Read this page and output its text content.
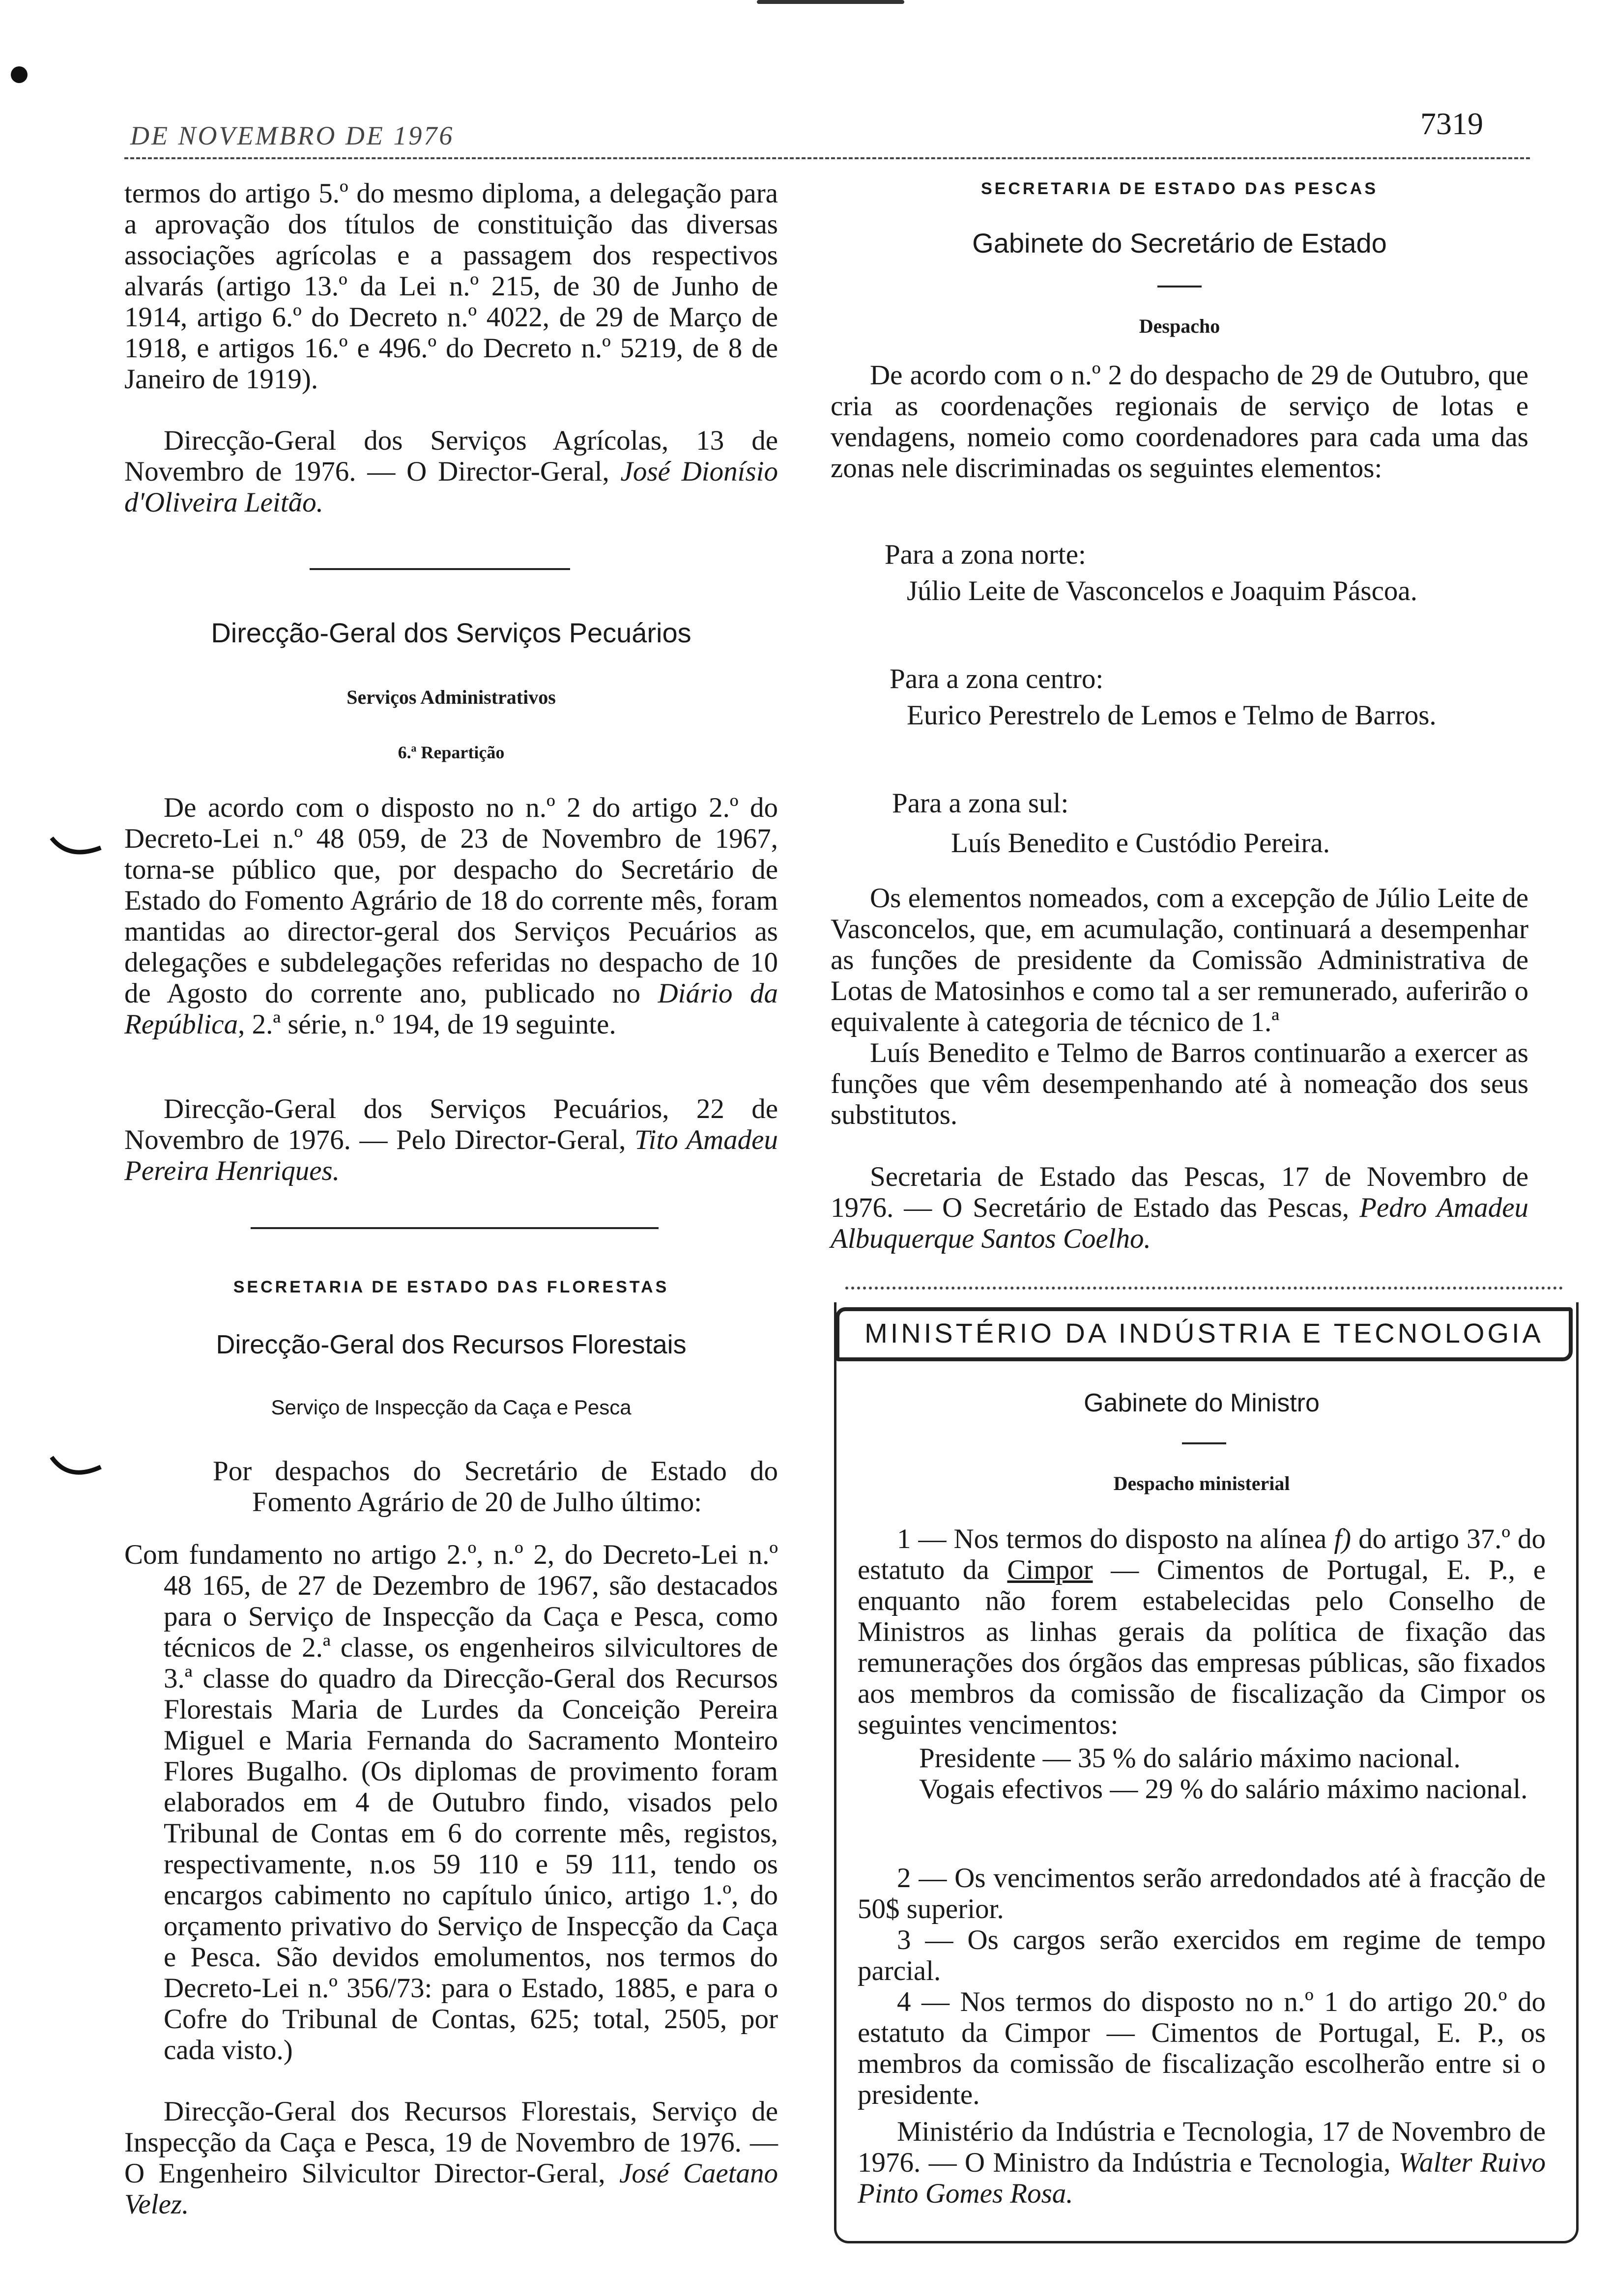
DE NOVEMBRO DE 1976	7319
termos do artigo 5.º do mesmo diploma, a delegação para a aprovação dos títulos de constituição das diversas associações agrícolas e a passagem dos respectivos alvarás (artigo 13.º da Lei n.º 215, de 30 de Junho de 1914, artigo 6.º do Decreto n.º 4022, de 29 de Março de 1918, e artigos 16.º e 496.º do Decreto n.º 5219, de 8 de Janeiro de 1919).
Direcção-Geral dos Serviços Agrícolas, 13 de Novembro de 1976. — O Director-Geral, José Dionísio d'Oliveira Leitão.
Direcção-Geral dos Serviços Pecuários
Serviços Administrativos
6.ª Repartição
De acordo com o disposto no n.º 2 do artigo 2.º do Decreto-Lei n.º 48 059, de 23 de Novembro de 1967, torna-se público que, por despacho do Secretário de Estado do Fomento Agrário de 18 do corrente mês, foram mantidas ao director-geral dos Serviços Pecuários as delegações e subdelegações referidas no despacho de 10 de Agosto do corrente ano, publicado no Diário da República, 2.ª série, n.º 194, de 19 seguinte.
Direcção-Geral dos Serviços Pecuários, 22 de Novembro de 1976. — Pelo Director-Geral, Tito Amadeu Pereira Henriques.
SECRETARIA DE ESTADO DAS FLORESTAS
Direcção-Geral dos Recursos Florestais
Serviço de Inspecção da Caça e Pesca
Por despachos do Secretário de Estado do Fomento Agrário de 20 de Julho último:
Com fundamento no artigo 2.º, n.º 2, do Decreto-Lei n.º 48 165, de 27 de Dezembro de 1967, são destacados para o Serviço de Inspecção da Caça e Pesca, como técnicos de 2.ª classe, os engenheiros silvicultores de 3.ª classe do quadro da Direcção-Geral dos Recursos Florestais Maria de Lurdes da Conceição Pereira Miguel e Maria Fernanda do Sacramento Monteiro Flores Bugalho. (Os diplomas de provimento foram elaborados em 4 de Outubro findo, visados pelo Tribunal de Contas em 6 do corrente mês, registos, respectivamente, n.os 59 110 e 59 111, tendo os encargos cabimento no capítulo único, artigo 1.º, do orçamento privativo do Serviço de Inspecção da Caça e Pesca. São devidos emolumentos, nos termos do Decreto-Lei n.º 356/73: para o Estado, 1885, e para o Cofre do Tribunal de Contas, 625; total, 2505, por cada visto.)
Direcção-Geral dos Recursos Florestais, Serviço de Inspecção da Caça e Pesca, 19 de Novembro de 1976. — O Engenheiro Silvicultor Director-Geral, José Caetano Velez.
SECRETARIA DE ESTADO DAS PESCAS
Gabinete do Secretário de Estado
Despacho
De acordo com o n.º 2 do despacho de 29 de Outubro, que cria as coordenações regionais de serviço de lotas e vendagens, nomeio como coordenadores para cada uma das zonas nele discriminadas os seguintes elementos:
Para a zona norte:
Júlio Leite de Vasconcelos e Joaquim Páscoa.
Para a zona centro:
Eurico Perestrelo de Lemos e Telmo de Barros.
Para a zona sul:
Luís Benedito e Custódio Pereira.
Os elementos nomeados, com a excepção de Júlio Leite de Vasconcelos, que, em acumulação, continuará a desempenhar as funções de presidente da Comissão Administrativa de Lotas de Matosinhos e como tal a ser remunerado, auferirão o equivalente à categoria de técnico de 1.ª
Luís Benedito e Telmo de Barros continuarão a exercer as funções que vêm desempenhando até à nomeação dos seus substitutos.
Secretaria de Estado das Pescas, 17 de Novembro de 1976. — O Secretário de Estado das Pescas, Pedro Amadeu Albuquerque Santos Coelho.
MINISTÉRIO DA INDÚSTRIA E TECNOLOGIA
Gabinete do Ministro
Despacho ministerial
1 — Nos termos do disposto na alínea f) do artigo 37.º do estatuto da Cimpor — Cimentos de Portugal, E. P., e enquanto não forem estabelecidas pelo Conselho de Ministros as linhas gerais da política de fixação das remunerações dos órgãos das empresas públicas, são fixados aos membros da comissão de fiscalização da Cimpor os seguintes vencimentos:
Presidente — 35 % do salário máximo nacional.
Vogais efectivos — 29 % do salário máximo nacional.
2 — Os vencimentos serão arredondados até à fracção de 50$ superior.
3 — Os cargos serão exercidos em regime de tempo parcial.
4 — Nos termos do disposto no n.º 1 do artigo 20.º do estatuto da Cimpor — Cimentos de Portugal, E. P., os membros da comissão de fiscalização escolherão entre si o presidente.
Ministério da Indústria e Tecnologia, 17 de Novembro de 1976. — O Ministro da Indústria e Tecnologia, Walter Ruivo Pinto Gomes Rosa.
